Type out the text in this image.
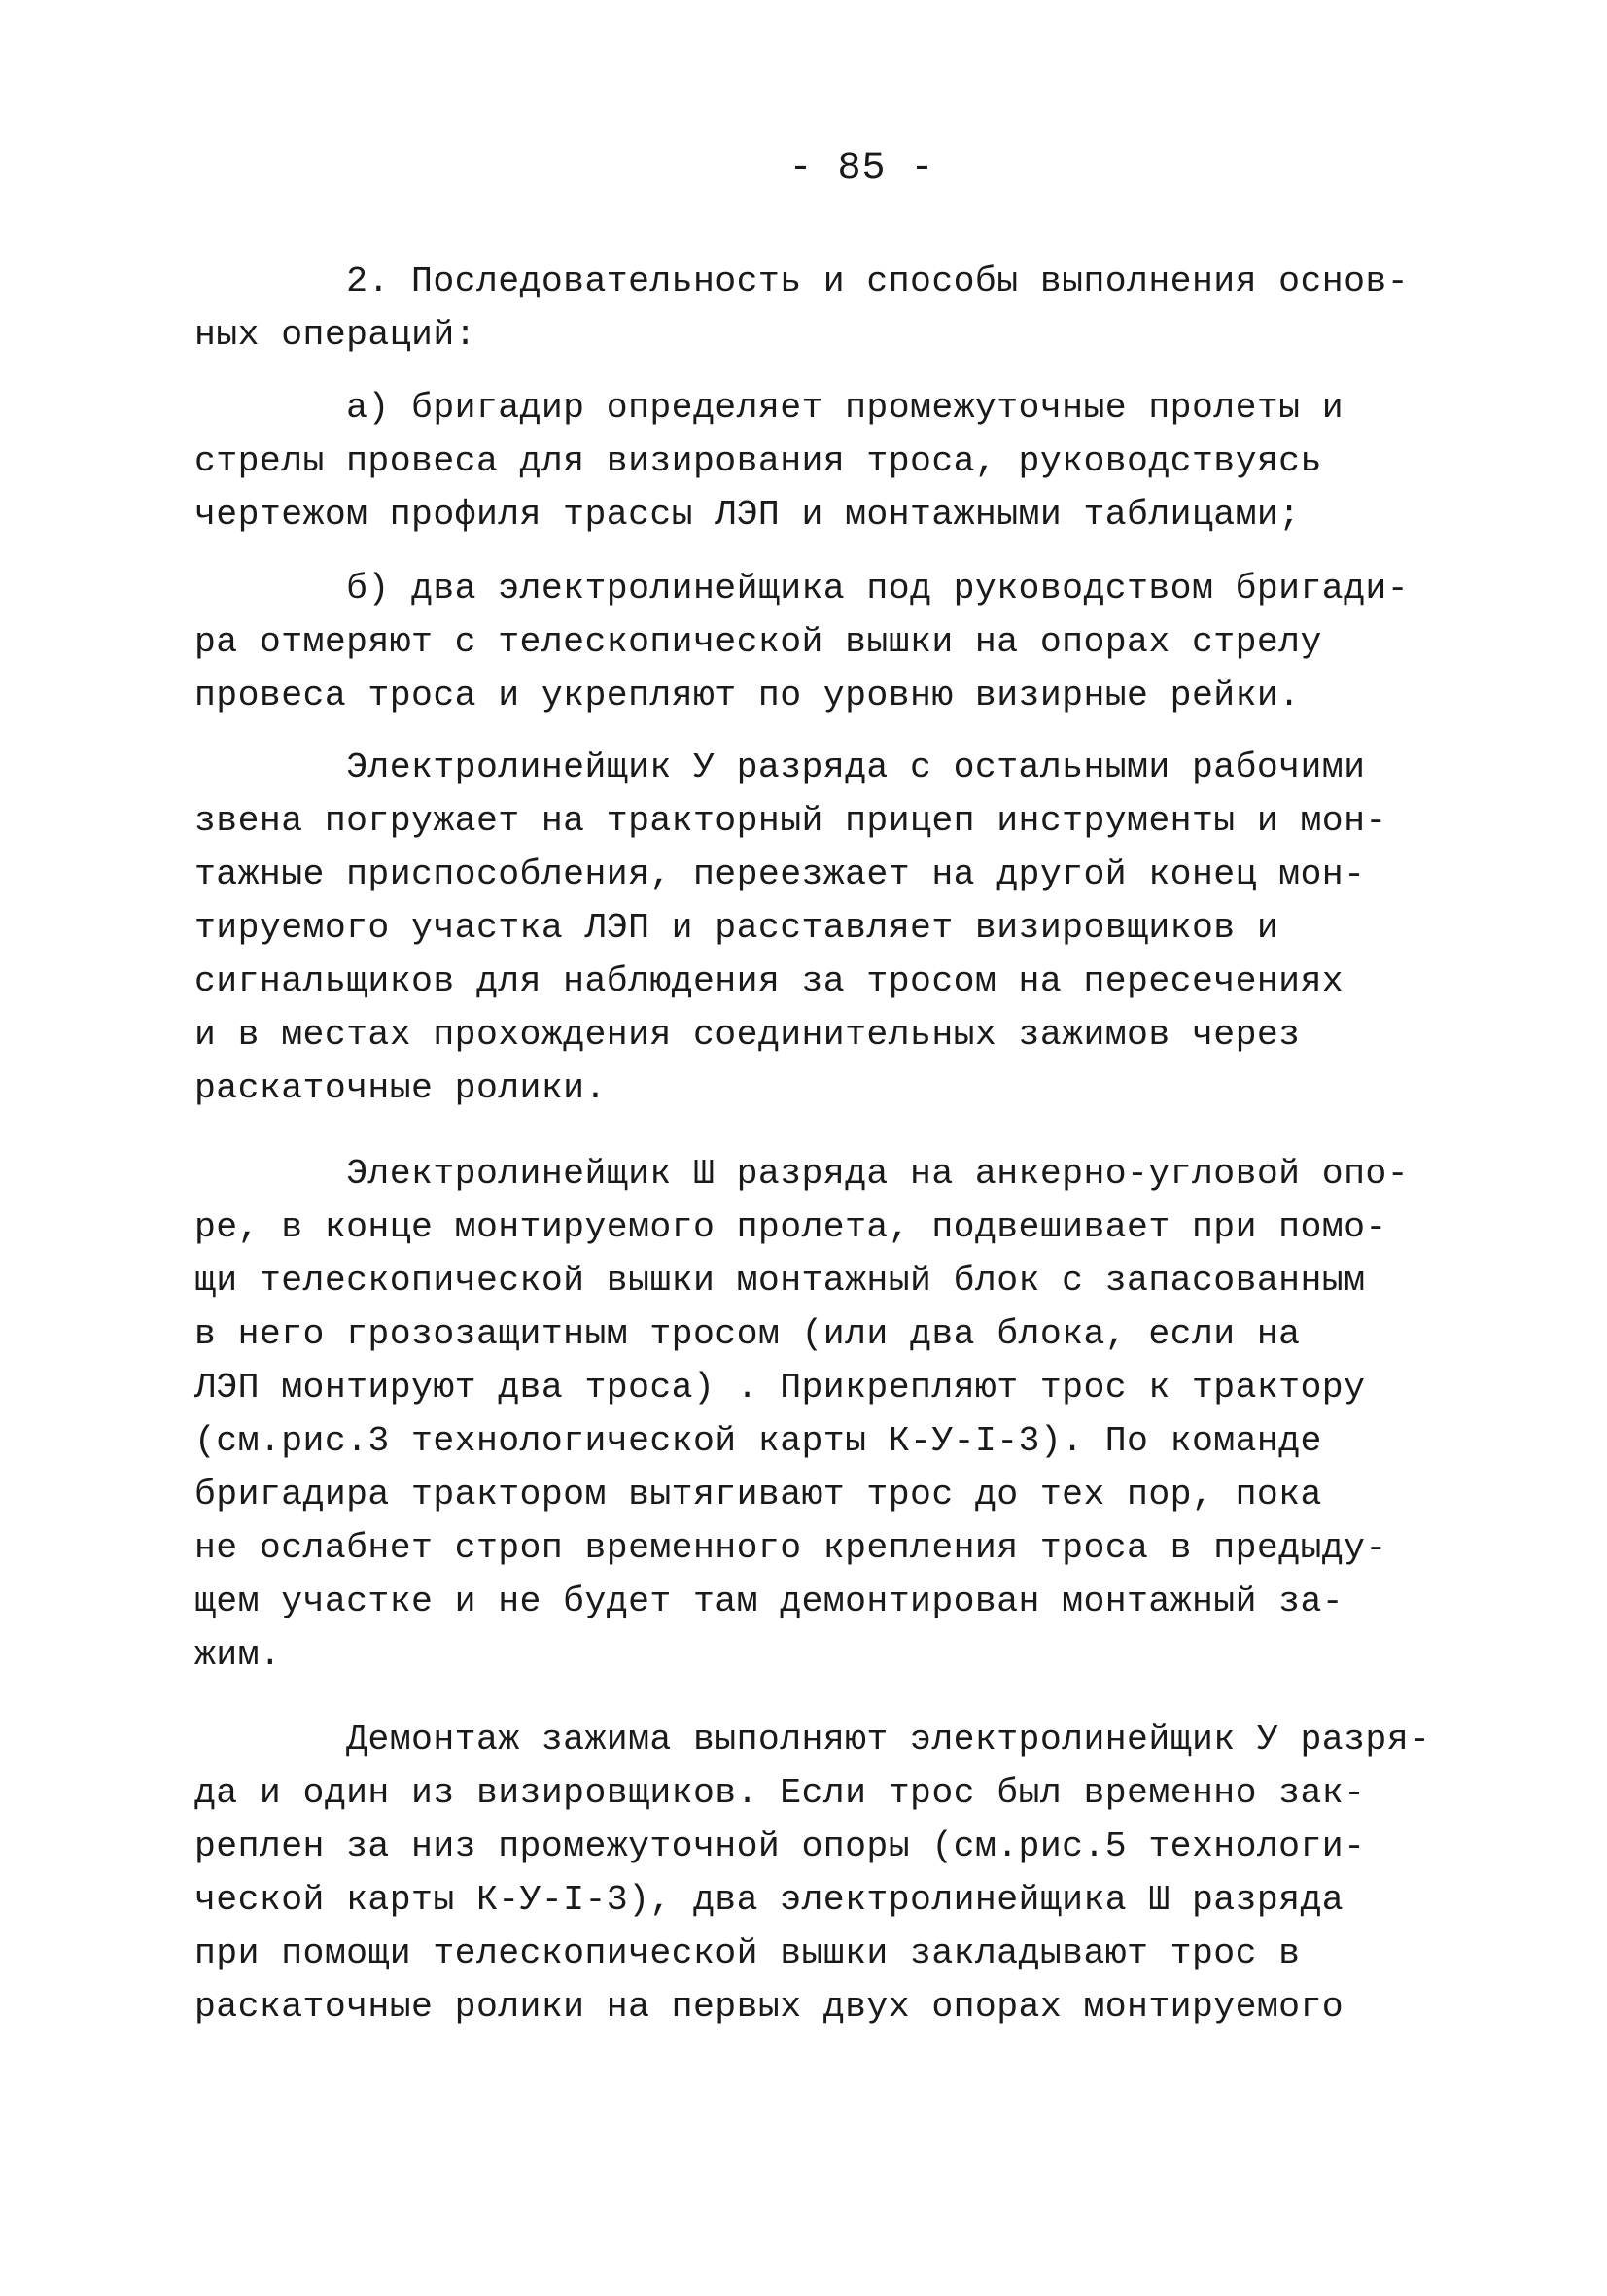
- 85 -
2. Последовательность и способы выполнения основ-
ных операций:
а) бригадир определяет промежуточные пролеты и
стрелы провеса для визирования троса, руководствуясь
чертежом профиля трассы ЛЭП и монтажными таблицами;
б) два электролинейщика под руководством бригади-
ра отмеряют с телескопической вышки на опорах стрелу
провеса троса и укрепляют по уровню визирные рейки.
Электролинейщик У разряда с остальными рабочими
звена погружает на тракторный прицеп инструменты и мон-
тажные приспособления, переезжает на другой конец мон-
тируемого участка ЛЭП и расставляет визировщиков и
сигнальщиков для наблюдения за тросом на пересечениях
и в местах прохождения соединительных зажимов через
раскаточные ролики.
Электролинейщик Ш разряда на анкерно-угловой опо-
ре, в конце монтируемого пролета, подвешивает при помо-
щи телескопической вышки монтажный блок с запасованным
в него грозозащитным тросом (или два блока, если на
ЛЭП монтируют два троса) . Прикрепляют трос к трактору
(см.рис.3 технологической карты К-У-I-3). По команде
бригадира трактором вытягивают трос до тех пор, пока
не ослабнет строп временного крепления троса в предыду-
щем участке и не будет там демонтирован монтажный за-
жим.
Демонтаж зажима выполняют электролинейщик У разря-
да и один из визировщиков. Если трос был временно зак-
реплен за низ промежуточной опоры (см.рис.5 технологи-
ческой карты К-У-I-3), два электролинейщика Ш разряда
при помощи телескопической вышки закладывают трос в
раскаточные ролики на первых двух опорах монтируемого
